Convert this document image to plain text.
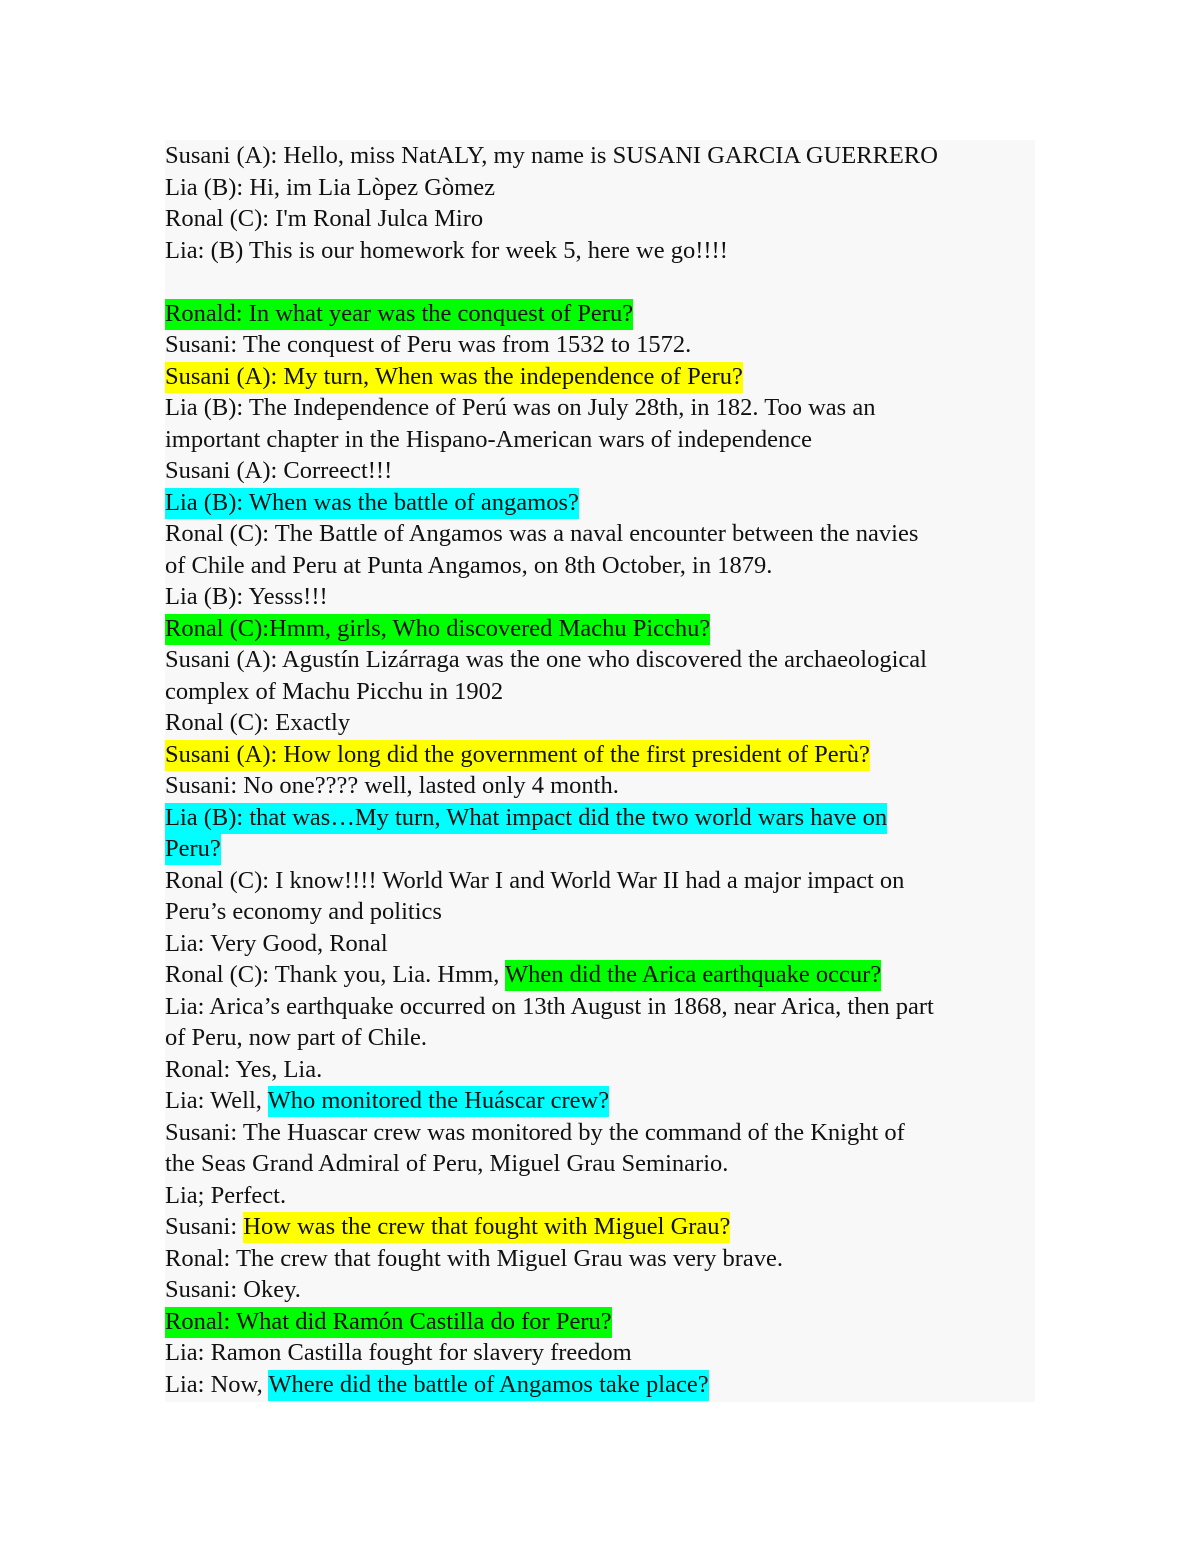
Susani (A): Hello, miss NatALY, my name is SUSANI GARCIA GUERRERO
Lia (B): Hi, im Lia Lòpez Gòmez
Ronal (C): I'm Ronal Julca Miro
Lia: (B) This is our homework for week 5, here we go!!!!
Ronald: In what year was the conquest of Peru?
Susani: The conquest of Peru was from 1532 to 1572.
Susani (A): My turn, When was the independence of Peru?
Lia (B): The Independence of Perú was on July 28th, in 182. Too was an
important chapter in the Hispano-American wars of independence
Susani (A): Correect!!!
Lia (B): When was the battle of angamos?
Ronal (C): The Battle of Angamos was a naval encounter between the navies
of Chile and Peru at Punta Angamos, on 8th October, in 1879.
Lia (B): Yesss!!!
Ronal (C):Hmm, girls, Who discovered Machu Picchu?
Susani (A): Agustín Lizárraga was the one who discovered the archaeological
complex of Machu Picchu in 1902
Ronal (C): Exactly
Susani (A): How long did the government of the first president of Perù?
Susani: No one???? well, lasted only 4 month.
Lia (B): that was…My turn, What impact did the two world wars have on
Peru?
Ronal (C): I know!!!! World War I and World War II had a major impact on
Peru’s economy and politics
Lia: Very Good, Ronal
Ronal (C): Thank you, Lia. Hmm, When did the Arica earthquake occur?
Lia: Arica’s earthquake occurred on 13th August in 1868, near Arica, then part
of Peru, now part of Chile.
Ronal: Yes, Lia.
Lia: Well, Who monitored the Huáscar crew?
Susani: The Huascar crew was monitored by the command of the Knight of
the Seas Grand Admiral of Peru, Miguel Grau Seminario.
Lia; Perfect.
Susani: How was the crew that fought with Miguel Grau?
Ronal: The crew that fought with Miguel Grau was very brave.
Susani: Okey.
Ronal: What did Ramón Castilla do for Peru?
Lia: Ramon Castilla fought for slavery freedom
Lia: Now, Where did the battle of Angamos take place?
